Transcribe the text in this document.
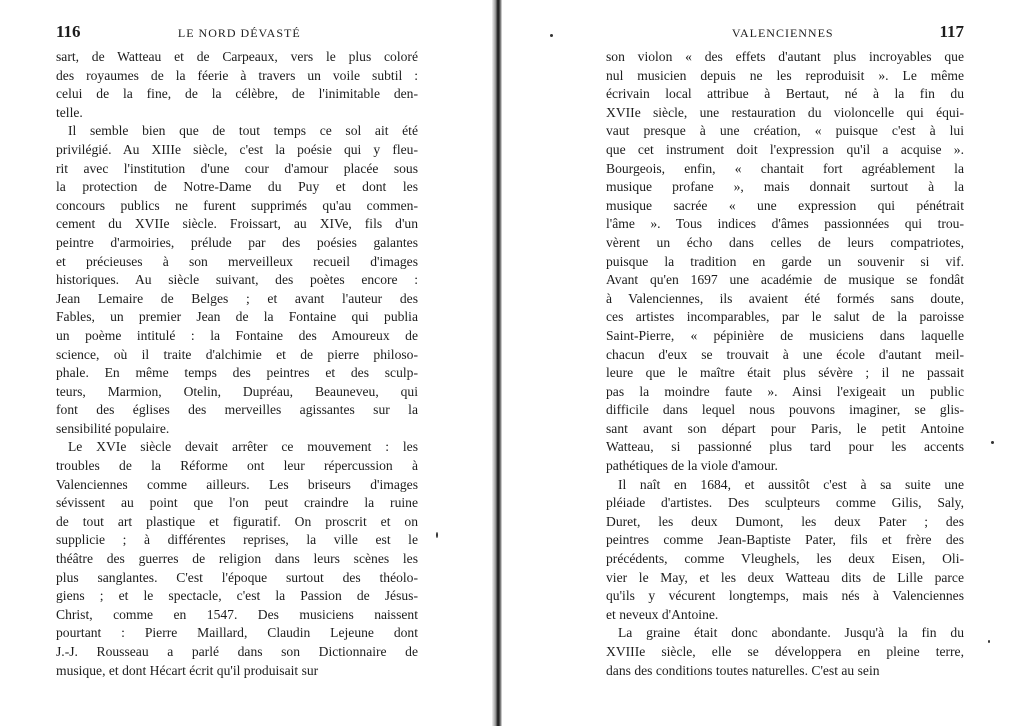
116	LE NORD DÉVASTÉ
sart, de Watteau et de Carpeaux, vers le plus coloré
des royaumes de la féerie à travers un voile subtil :
celui de la fine, de la célèbre, de l'inimitable den-
telle.
Il semble bien que de tout temps ce sol ait été
privilégié. Au XIIIe siècle, c'est la poésie qui y fleu-
rit avec l'institution d'une cour d'amour placée sous
la protection de Notre-Dame du Puy et dont les
concours publics ne furent supprimés qu'au commen-
cement du XVIIe siècle. Froissart, au XIVe, fils d'un
peintre d'armoiries, prélude par des poésies galantes
et précieuses à son merveilleux recueil d'images
historiques. Au siècle suivant, des poètes encore :
Jean Lemaire de Belges ; et avant l'auteur des
Fables, un premier Jean de la Fontaine qui publia
un poème intitulé : la Fontaine des Amoureux de
science, où il traite d'alchimie et de pierre philoso-
phale. En même temps des peintres et des sculp-
teurs, Marmion, Otelin, Dupréau, Beauneveu, qui
font des églises des merveilles agissantes sur la
sensibilité populaire.
Le XVIe siècle devait arrêter ce mouvement : les
troubles de la Réforme ont leur répercussion à
Valenciennes comme ailleurs. Les briseurs d'images
sévissent au point que l'on peut craindre la ruine
de tout art plastique et figuratif. On proscrit et on
supplicie ; à différentes reprises, la ville est le
théâtre des guerres de religion dans leurs scènes les
plus sanglantes. C'est l'époque surtout des théolo-
giens ; et le spectacle, c'est la Passion de Jésus-
Christ, comme en 1547. Des musiciens naissent
pourtant : Pierre Maillard, Claudin Lejeune dont
J.-J. Rousseau a parlé dans son Dictionnaire de
musique, et dont Hécart écrit qu'il produisait sur
VALENCIENNES	117
son violon « des effets d'autant plus incroyables que
nul musicien depuis ne les reproduisit ». Le même
écrivain local attribue à Bertaut, né à la fin du
XVIIe siècle, une restauration du violoncelle qui équi-
vaut presque à une création, « puisque c'est à lui
que cet instrument doit l'expression qu'il a acquise ».
Bourgeois, enfin, « chantait fort agréablement la
musique profane », mais donnait surtout à la
musique sacrée « une expression qui pénétrait
l'âme ». Tous indices d'âmes passionnées qui trou-
vèrent un écho dans celles de leurs compatriotes,
puisque la tradition en garde un souvenir si vif.
Avant qu'en 1697 une académie de musique se fondât
à Valenciennes, ils avaient été formés sans doute,
ces artistes incomparables, par le salut de la paroisse
Saint-Pierre, « pépinière de musiciens dans laquelle
chacun d'eux se trouvait à une école d'autant meil-
leure que le maître était plus sévère ; il ne passait
pas la moindre faute ». Ainsi l'exigeait un public
difficile dans lequel nous pouvons imaginer, se glis-
sant avant son départ pour Paris, le petit Antoine
Watteau, si passionné plus tard pour les accents
pathétiques de la viole d'amour.
Il naît en 1684, et aussitôt c'est à sa suite une
pléiade d'artistes. Des sculpteurs comme Gilis, Saly,
Duret, les deux Dumont, les deux Pater ; des
peintres comme Jean-Baptiste Pater, fils et frère des
précédents, comme Vleughels, les deux Eisen, Oli-
vier le May, et les deux Watteau dits de Lille parce
qu'ils y vécurent longtemps, mais nés à Valenciennes
et neveux d'Antoine.
La graine était donc abondante. Jusqu'à la fin du
XVIIIe siècle, elle se développera en pleine terre,
dans des conditions toutes naturelles. C'est au sein
